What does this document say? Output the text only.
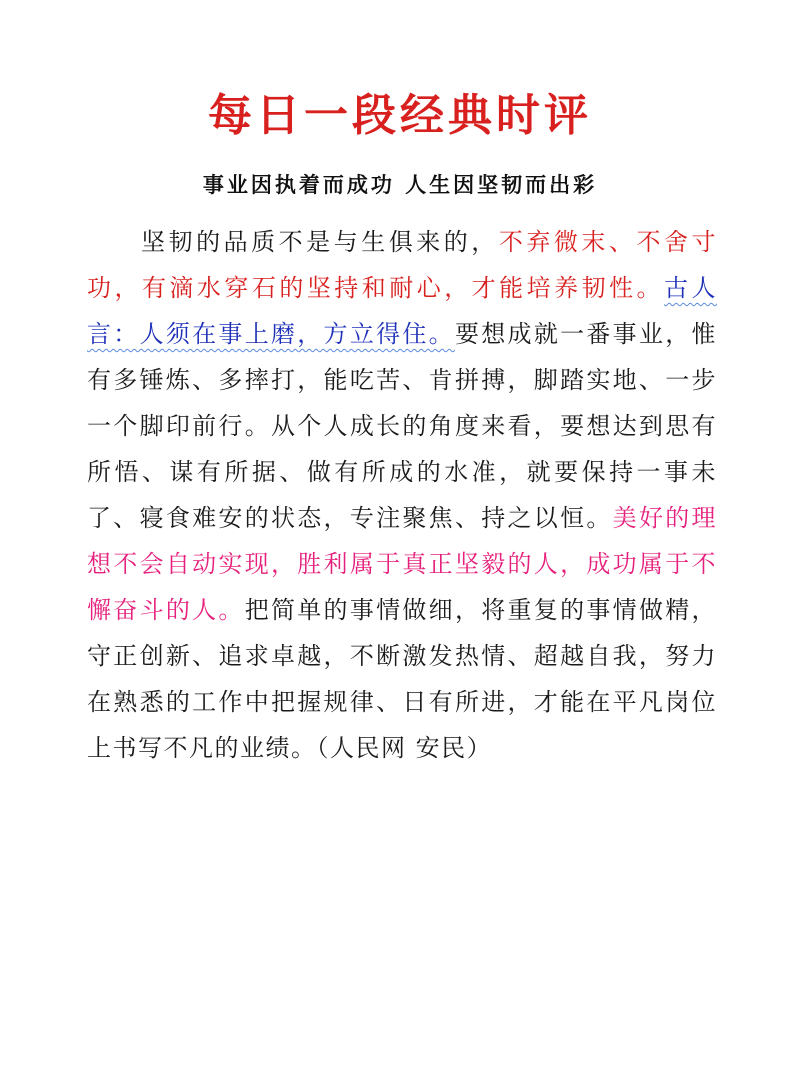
每日一段经典时评
事业因执着而成功 人生因坚韧而出彩

坚韧的品质不是与生俱来的，不弃微末、不舍寸功，有滴水穿石的坚持和耐心，才能培养韧性。古人言：人须在事上磨，方立得住。要想成就一番事业，惟有多锤炼、多摔打，能吃苦、肯拼搏，脚踏实地、一步一个脚印前行。从个人成长的角度来看，要想达到思有所悟、谋有所据、做有所成的水准，就要保持一事未了、寝食难安的状态，专注聚焦、持之以恒。美好的理想不会自动实现，胜利属于真正坚毅的人，成功属于不懈奋斗的人。把简单的事情做细，将重复的事情做精，守正创新、追求卓越，不断激发热情、超越自我，努力在熟悉的工作中把握规律、日有所进，才能在平凡岗位上书写不凡的业绩。（人民网 安民）
